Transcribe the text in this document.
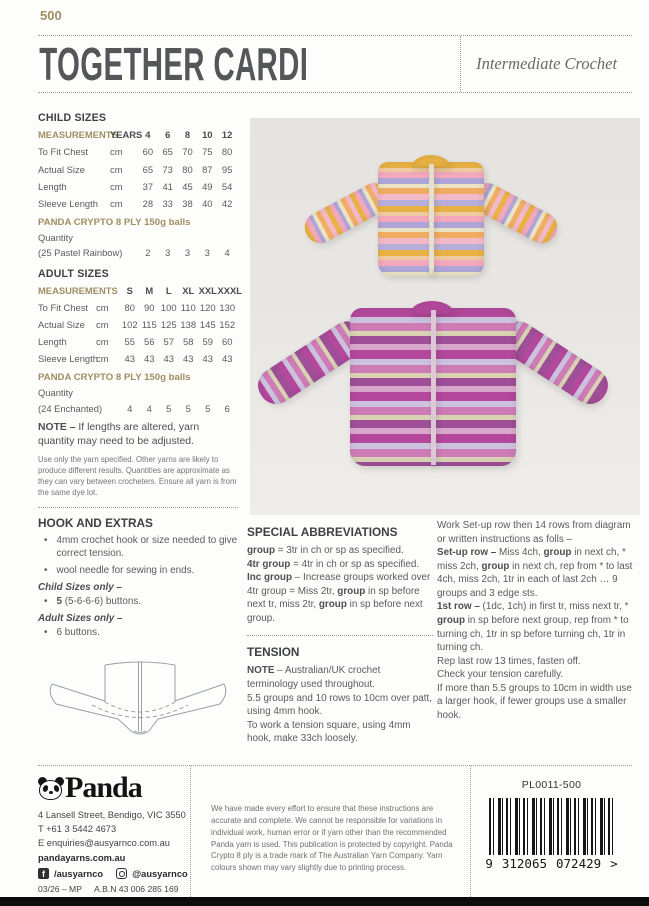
500
TOGETHER CARDI	Intermediate Crochet
CHILD SIZES
MEASUREMENTS	YEARS	4	6	8	10	12
To Fit Chest	cm	60	65	70	75	80
Actual Size	cm	65	73	80	87	95
Length	cm	37	41	45	49	54
Sleeve Length	cm	28	33	38	40	42
PANDA CRYPTO 8 PLY 150g balls
Quantity					
(25 Pastel Rainbow)	2	3	3	3	4
ADULT SIZES
MEASUREMENTS		S	M	L	XL	XXL	XXXL
To Fit Chest	cm	80	90	100	110	120	130
Actual Size	cm	102	115	125	138	145	152
Length	cm	55	56	57	58	59	60
Sleeve Length	cm	43	43	43	43	43	43
PANDA CRYPTO 8 PLY 150g balls
Quantity						
(24 Enchanted)	4	4	5	5	5	6

NOTE – If lengths are altered, yarn quantity may need to be adjusted.

Use only the yarn specified. Other yarns are likely to produce different results. Quantities are approximate as they can vary between crocheters. Ensure all yarn is from the same dye lot.

HOOK AND EXTRAS
• 4mm crochet hook or size needed to give correct tension.
• wool needle for sewing in ends.
Child Sizes only –
• 5 (5-6-6-6) buttons.
Adult Sizes only –
• 6 buttons.
SPECIAL ABBREVIATIONS

group = 3tr in ch or sp as specified.

4tr group = 4tr in ch or sp as specified.

Inc group – Increase groups worked over 4tr group = Miss 2tr, group in sp before next tr, miss 2tr, group in sp before next group.

TENSION

NOTE – Australian/UK crochet terminology used throughout.

5.5 groups and 10 rows to 10cm over patt, using 4mm hook.

To work a tension square, using 4mm hook, make 33ch loosely.

Work Set-up row then 14 rows from diagram or written instructions as folls –

Set-up row – Miss 4ch, group in next ch, * miss 2ch, group in next ch, rep from * to last 4ch, miss 2ch, 1tr in each of last 2ch … 9 groups and 3 edge sts.

1st row – (1dc, 1ch) in first tr, miss next tr, * group in sp before next group, rep from * to turning ch, 1tr in sp before turning ch, 1tr in turning ch.

Rep last row 13 times, fasten off.

Check your tension carefully.

If more than 5.5 groups to 10cm in width use a larger hook, if fewer groups use a smaller hook.

Panda
4 Lansell Street, Bendigo, VIC 3550
T +61 3 5442 4673
E enquiries@ausyarnco.com.au
pandayarns.com.au
f
/ausyarnco	@ausyarnco
03/26 – MP A.B.N 43 006 285 169

We have made every effort to ensure that these instructions are accurate and complete. We cannot be responsible for variations in individual work, human error or if yarn other than the recommended Panda yarn is used. This publication is protected by copyright. Panda Crypto 8 ply is a trade mark of The Australian Yarn Company. Yarn colours shown may vary slightly due to printing process.

PL0011-500
9 312065 072429 >
